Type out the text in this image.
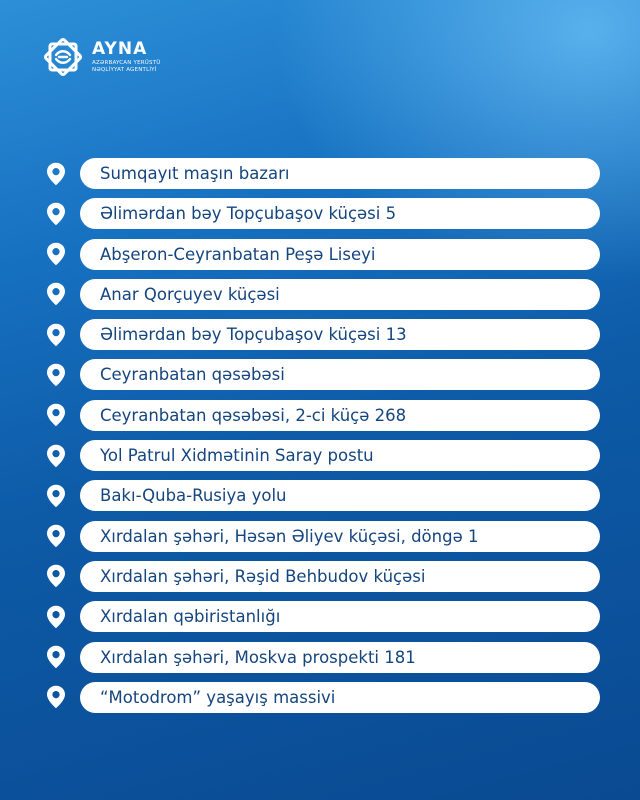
AYNA
AZƏRBAYCAN YERÜSTÜ
NƏQLİYYAT AGENTLİYİ
Sumqayıt maşın bazarı
Əlimərdan bəy Topçubaşov küçəsi 5
Abşeron-Ceyranbatan Peşə Liseyi
Anar Qorçuyev küçəsi
Əlimərdan bəy Topçubaşov küçəsi 13
Ceyranbatan qəsəbəsi
Ceyranbatan qəsəbəsi, 2-ci küçə 268
Yol Patrul Xidmətinin Saray postu
Bakı-Quba-Rusiya yolu
Xırdalan şəhəri, Həsən Əliyev küçəsi, döngə 1
Xırdalan şəhəri, Rəşid Behbudov küçəsi
Xırdalan qəbiristanlığı
Xırdalan şəhəri, Moskva prospekti 181
“Motodrom” yaşayış massivi
